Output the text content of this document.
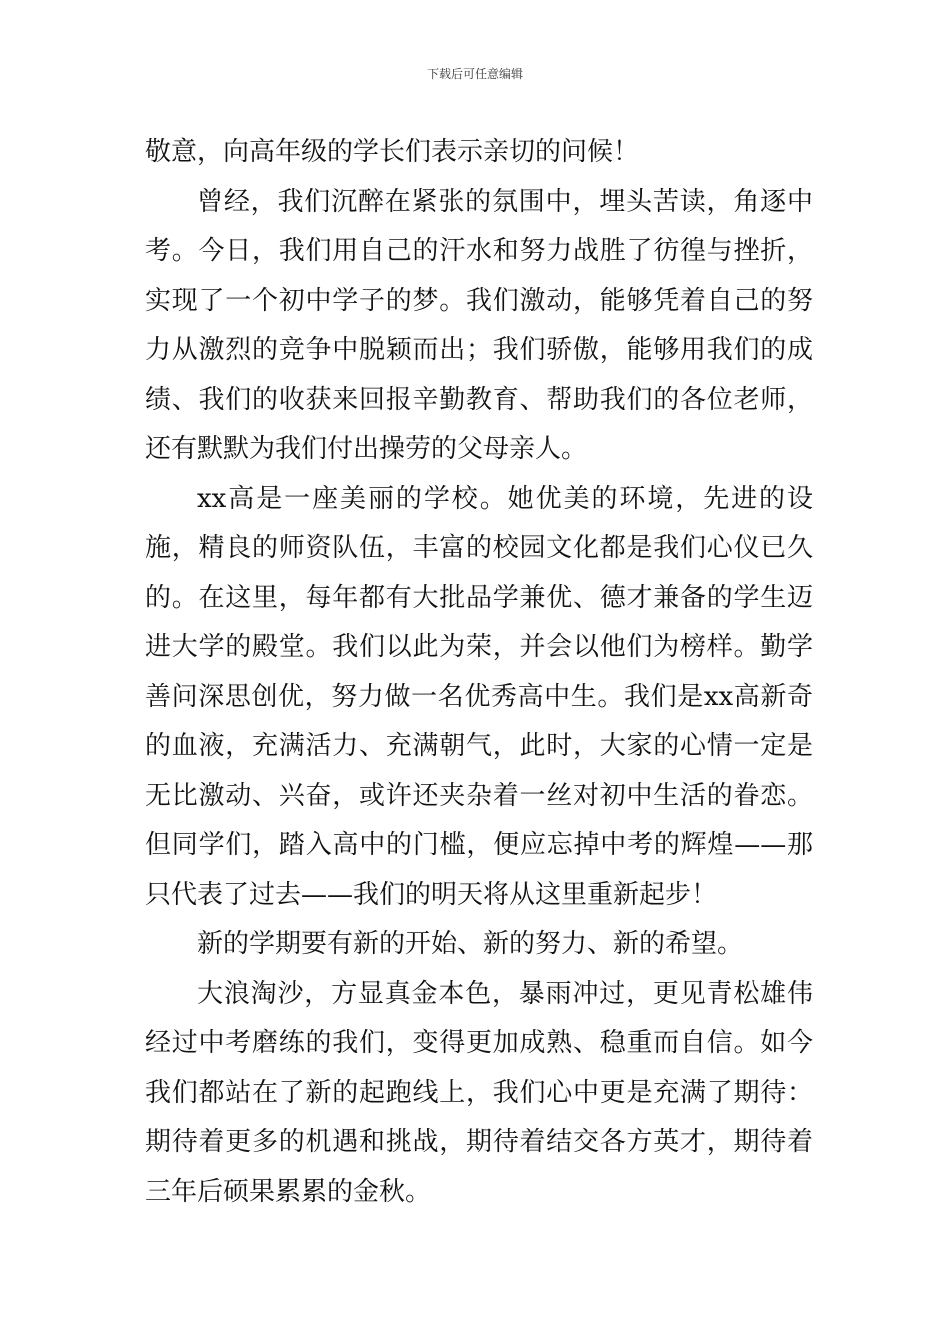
下载后可任意编辑

敬意，向高年级的学长们表示亲切的问候！

曾经，我们沉醉在紧张的氛围中，埋头苦读，角逐中考。今日，我们用自己的汗水和努力战胜了彷徨与挫折，实现了一个初中学子的梦。我们激动，能够凭着自己的努力从激烈的竞争中脱颖而出；我们骄傲，能够用我们的成绩、我们的收获来回报辛勤教育、帮助我们的各位老师，还有默默为我们付出操劳的父母亲人。

xx高是一座美丽的学校。她优美的环境，先进的设施，精良的师资队伍，丰富的校园文化都是我们心仪已久的。在这里，每年都有大批品学兼优、德才兼备的学生迈进大学的殿堂。我们以此为荣，并会以他们为榜样。勤学善问深思创优，努力做一名优秀高中生。我们是xx高新奇的血液，充满活力、充满朝气，此时，大家的心情一定是无比激动、兴奋，或许还夹杂着一丝对初中生活的眷恋。但同学们，踏入高中的门槛，便应忘掉中考的辉煌——那只代表了过去——我们的明天将从这里重新起步！

新的学期要有新的开始、新的努力、新的希望。

大浪淘沙，方显真金本色，暴雨冲过，更见青松雄伟经过中考磨练的我们，变得更加成熟、稳重而自信。如今我们都站在了新的起跑线上，我们心中更是充满了期待：期待着更多的机遇和挑战，期待着结交各方英才，期待着三年后硕果累累的金秋。
